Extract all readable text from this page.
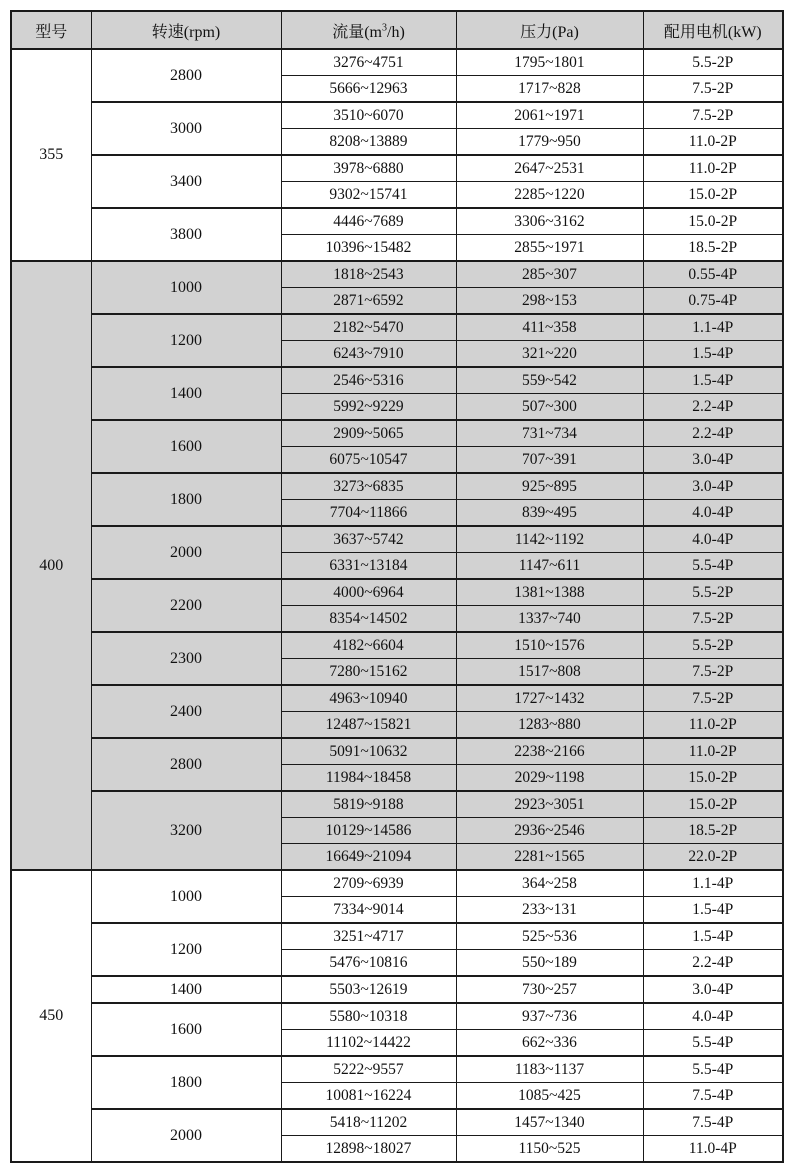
型号	转速(rpm)	流量$(m^3/h)$	压力(Pa)	配用电机(kW)
355	2800	3276~4751	1795~1801	5.5-2P
		5666~12963	1717~828	7.5-2P
	3000	3510~6070	2061~1971	7.5-2P
		8208~13889	1779~950	11.0-2P
	3400	3978~6880	2647~2531	11.0-2P
		9302~15741	2285~1220	15.0-2P
	3800	4446~7689	3306~3162	15.0-2P
		10396~15482	2855~1971	18.5-2P
400	1000	1818~2543	285~307	0.55-4P
		2871~6592	298~153	0.75-4P
	1200	2182~5470	411~358	1.1-4P
		6243~7910	321~220	1.5-4P
	1400	2546~5316	559~542	1.5-4P
		5992~9229	507~300	2.2-4P
	1600	2909~5065	731~734	2.2-4P
		6075~10547	707~391	3.0-4P
	1800	3273~6835	925~895	3.0-4P
		7704~11866	839~495	4.0-4P
	2000	3637~5742	1142~1192	4.0-4P
		6331~13184	1147~611	5.5-4P
	2200	4000~6964	1381~1388	5.5-2P
		8354~14502	1337~740	7.5-2P
	2300	4182~6604	1510~1576	5.5-2P
		7280~15162	1517~808	7.5-2P
	2400	4963~10940	1727~1432	7.5-2P
		12487~15821	1283~880	11.0-2P
	2800	5091~10632	2238~2166	11.0-2P
		11984~18458	2029~1198	15.0-2P
	3200	5819~9188	2923~3051	15.0-2P
		10129~14586	2936~2546	18.5-2P
		16649~21094	2281~1565	22.0-2P
450	1000	2709~6939	364~258	1.1-4P
		7334~9014	233~131	1.5-4P
	1200	3251~4717	525~536	1.5-4P
		5476~10816	550~189	2.2-4P
	1400	5503~12619	730~257	3.0-4P
	1600	5580~10318	937~736	4.0-4P
		11102~14422	662~336	5.5-4P
	1800	5222~9557	1183~1137	5.5-4P
		10081~16224	1085~425	7.5-4P
	2000	5418~11202	1457~1340	7.5-4P
		12898~18027	1150~525	11.0-4P
